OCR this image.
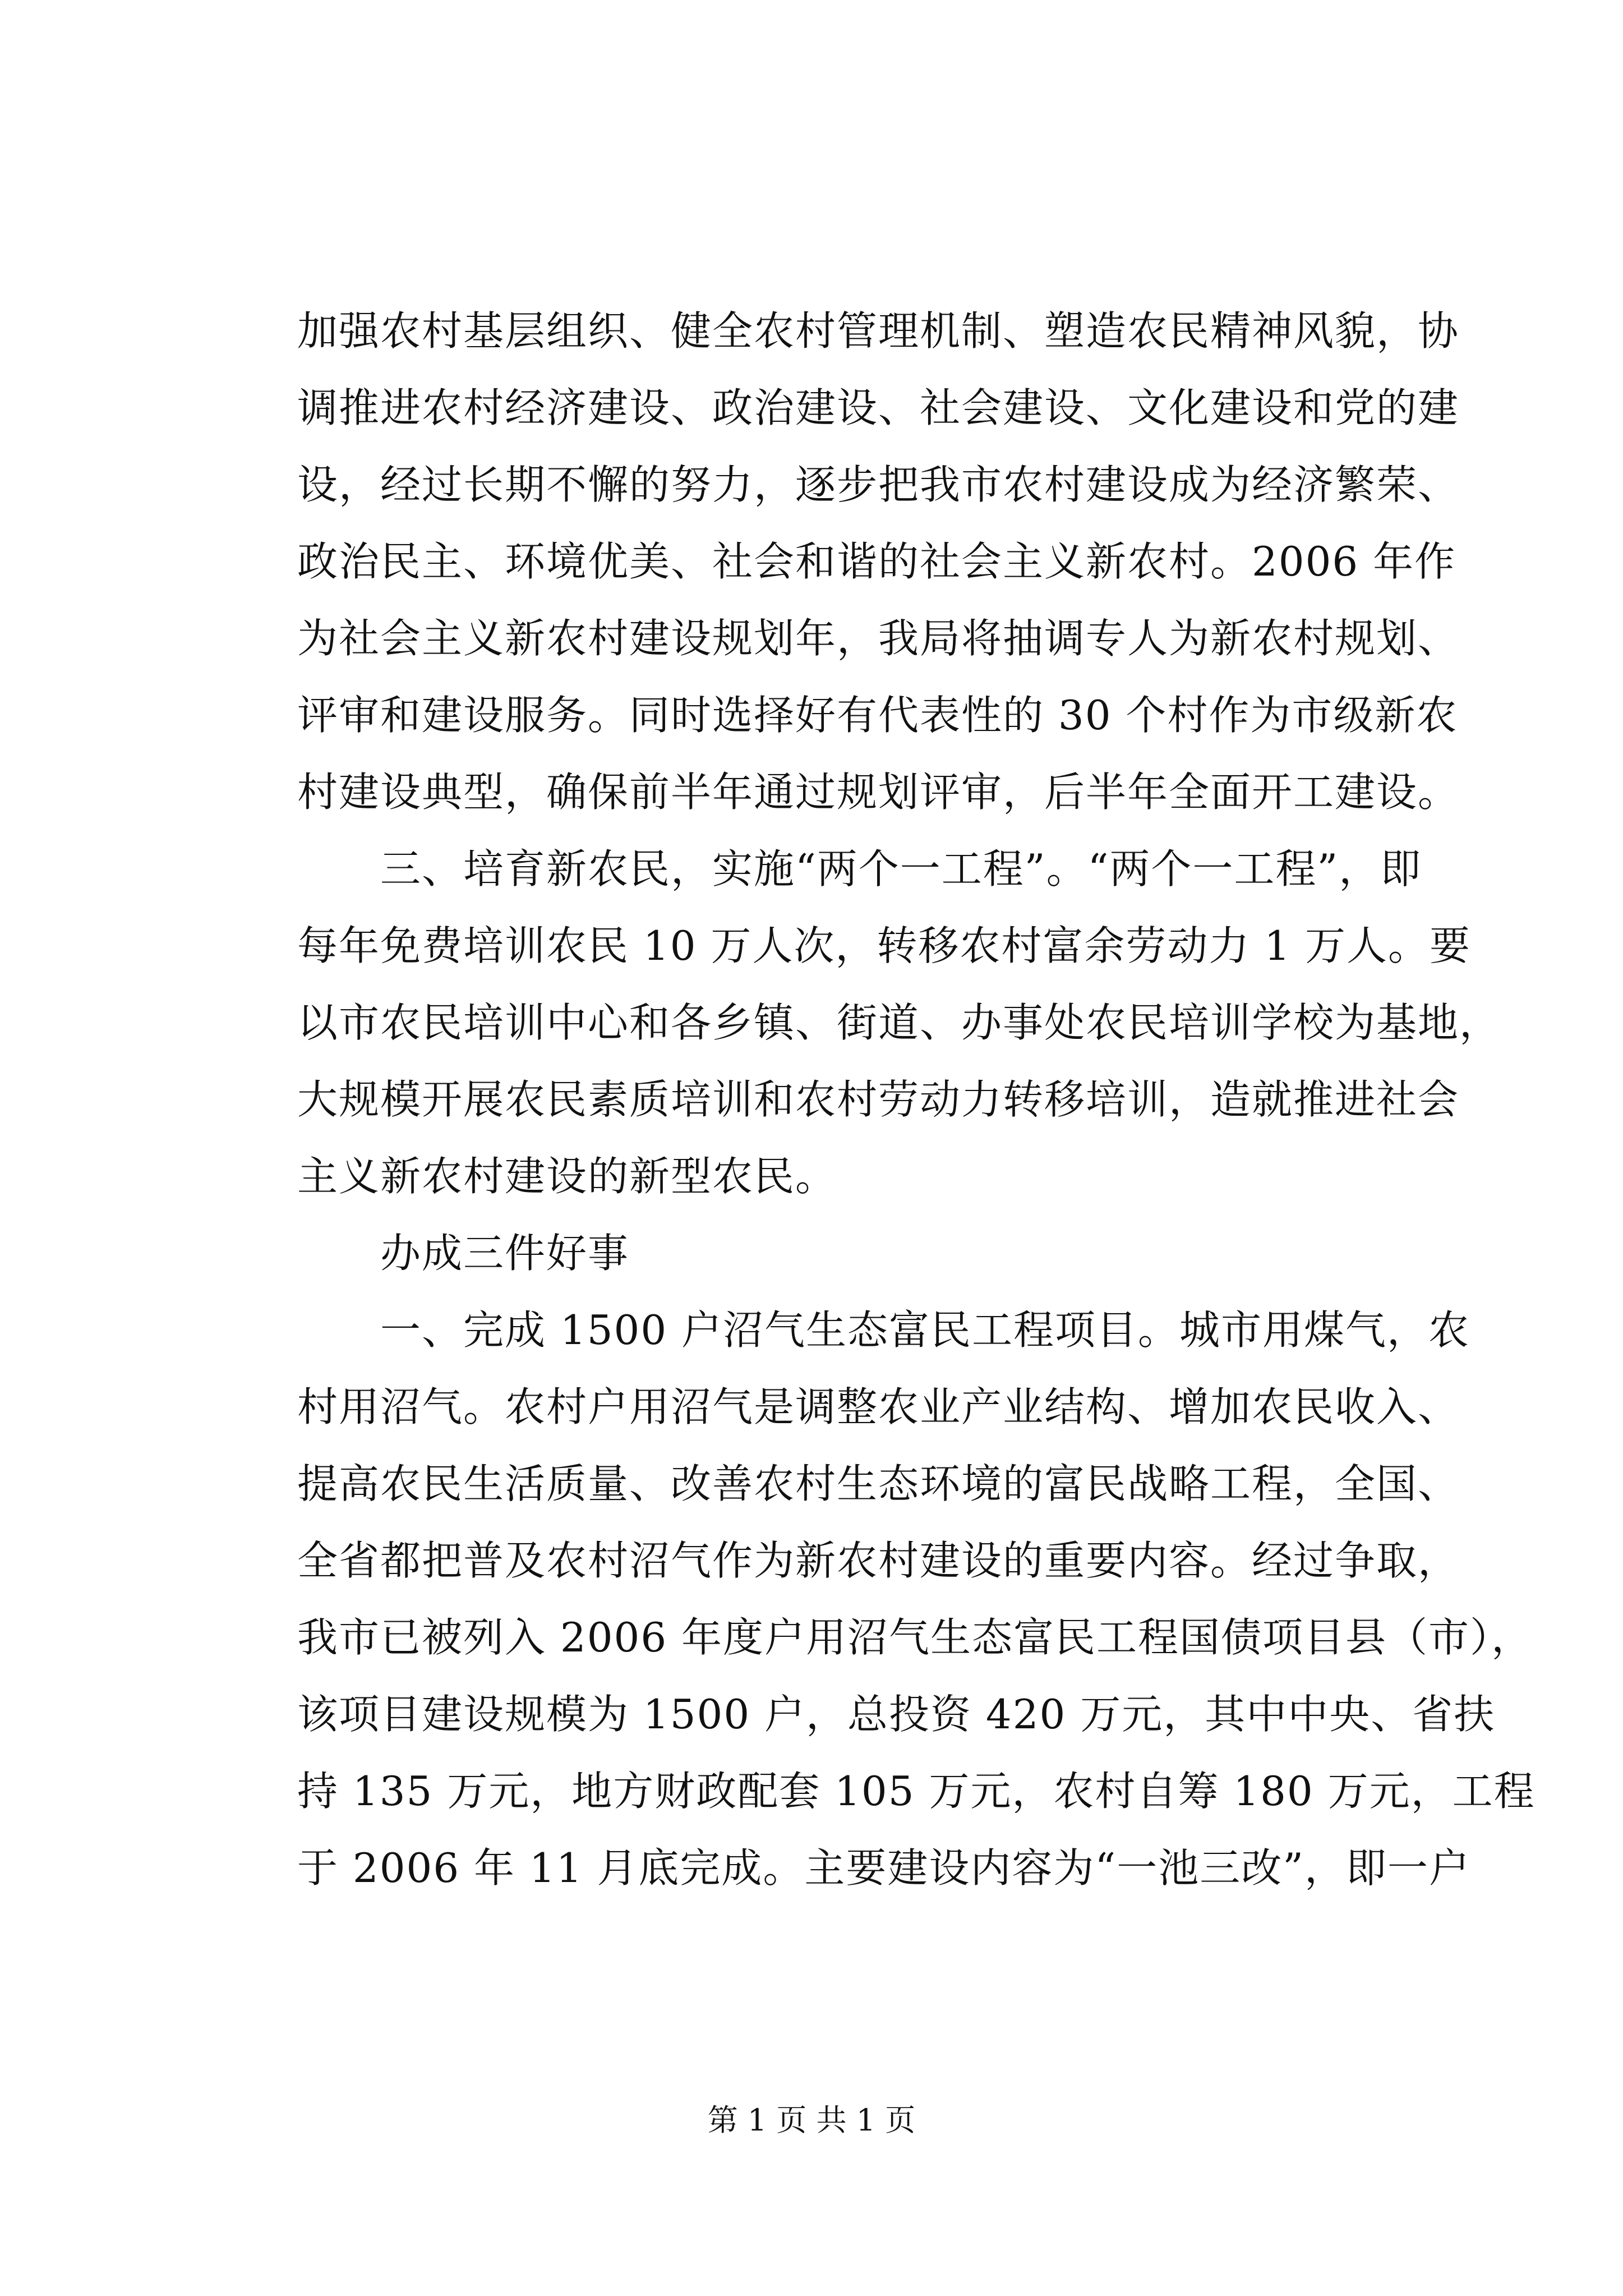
加强农村基层组织、健全农村管理机制、塑造农民精神风貌，协
调推进农村经济建设、政治建设、社会建设、文化建设和党的建
设，经过长期不懈的努力，逐步把我市农村建设成为经济繁荣、
政治民主、环境优美、社会和谐的社会主义新农村。2006 年作
为社会主义新农村建设规划年，我局将抽调专人为新农村规划、
评审和建设服务。同时选择好有代表性的 30 个村作为市级新农
村建设典型，确保前半年通过规划评审，后半年全面开工建设。
　　三、培育新农民，实施“两个一工程”。“两个一工程”，即
每年免费培训农民 10 万人次，转移农村富余劳动力 1 万人。要
以市农民培训中心和各乡镇、街道、办事处农民培训学校为基地，
大规模开展农民素质培训和农村劳动力转移培训，造就推进社会
主义新农村建设的新型农民。
　　办成三件好事
　　一、完成 1500 户沼气生态富民工程项目。城市用煤气，农
村用沼气。农村户用沼气是调整农业产业结构、增加农民收入、
提高农民生活质量、改善农村生态环境的富民战略工程，全国、
全省都把普及农村沼气作为新农村建设的重要内容。经过争取，
我市已被列入 2006 年度户用沼气生态富民工程国债项目县（市），
该项目建设规模为 1500 户，总投资 420 万元，其中中央、省扶
持 135 万元，地方财政配套 105 万元，农村自筹 180 万元，工程
于 2006 年 11 月底完成。主要建设内容为“一池三改”，即一户
第 1 页 共 1 页
